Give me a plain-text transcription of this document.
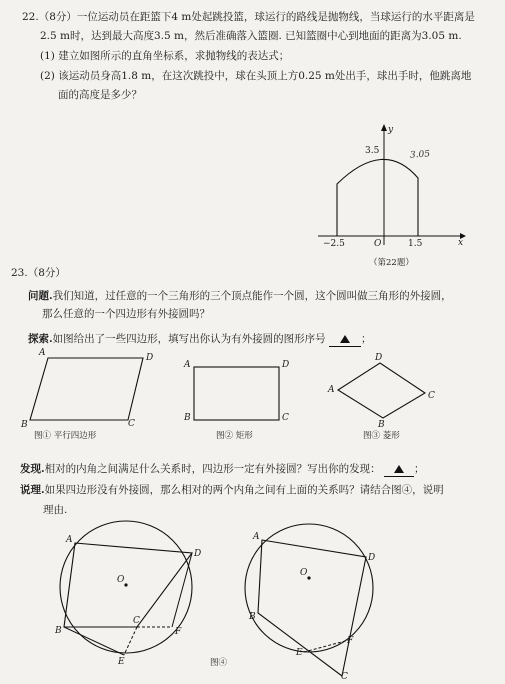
22.（8分）一位运动员在距篮下4 m处起跳投篮，球运行的路线是抛物线，当球运行的水平距离是
2.5 m时，达到最大高度3.5 m，然后准确落入篮圈. 已知篮圈中心到地面的距离为3.05 m.
(1) 建立如图所示的直角坐标系，求抛物线的表达式；
(2) 该运动员身高1.8 m，在这次跳投中，球在头顶上方0.25 m处出手，球出手时，他跳离地
面的高度是多少？
y
x
3.5	3.05
O
−2.5	1.5
（第22题）
23.（8分）
问题.我们知道，过任意的一个三角形的三个顶点能作一个圆，这个圆叫做三角形的外接圆，
那么任意的一个四边形有外接圆吗？
探索.如图给出了一些四边形，填写出你认为有外接圆的图形序号	；
A	D
B	C
图① 平行四边形
A	D
B	C
图② 矩形
A
D
C
B
图③ 菱形
发现.相对的内角之间满足什么关系时，四边形一定有外接圆？写出你的发现：	；
说理.如果四边形没有外接圆，那么相对的两个内角之间有上面的关系吗？请结合图④，说明
理由.
A
D
B
C
F
E
O
A
D
B
E
F
C
O
图④
